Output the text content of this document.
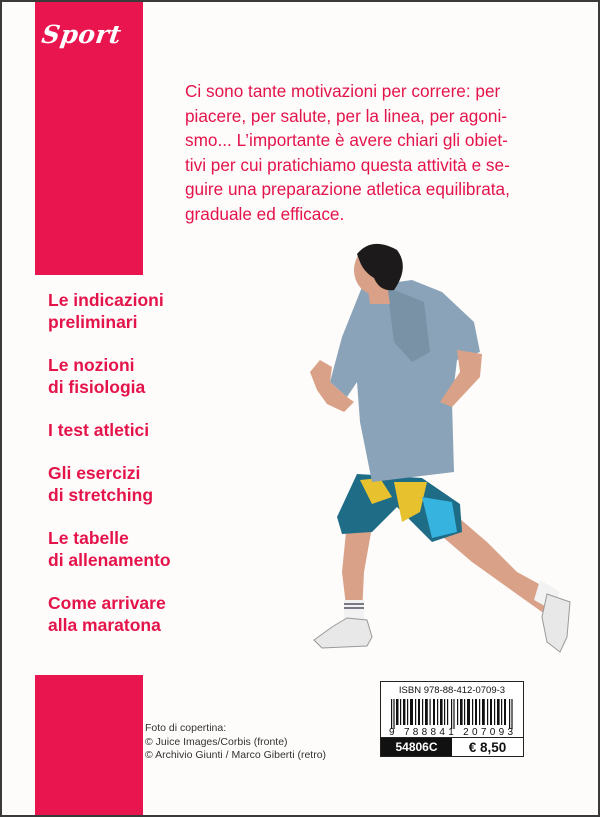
Sport
Ci sono tante motivazioni per correre: per
piacere, per salute, per la linea, per agoni-
smo... L’importante è avere chiari gli obiet-
tivi per cui pratichiamo questa attività e se-
guire una preparazione atletica equilibrata,
graduale ed efficace.
Le indicazioni
preliminari
Le nozioni
di fisiologia
I test atletici
Gli esercizi
di stretching
Le tabelle
di allenamento
Come arrivare
alla maratona
Foto di copertina:
© Juice Images/Corbis (fronte)
© Archivio Giunti / Marco Giberti (retro)
ISBN 978-88-412-0709-3
9 788841 207093
54806C	€ 8,50
